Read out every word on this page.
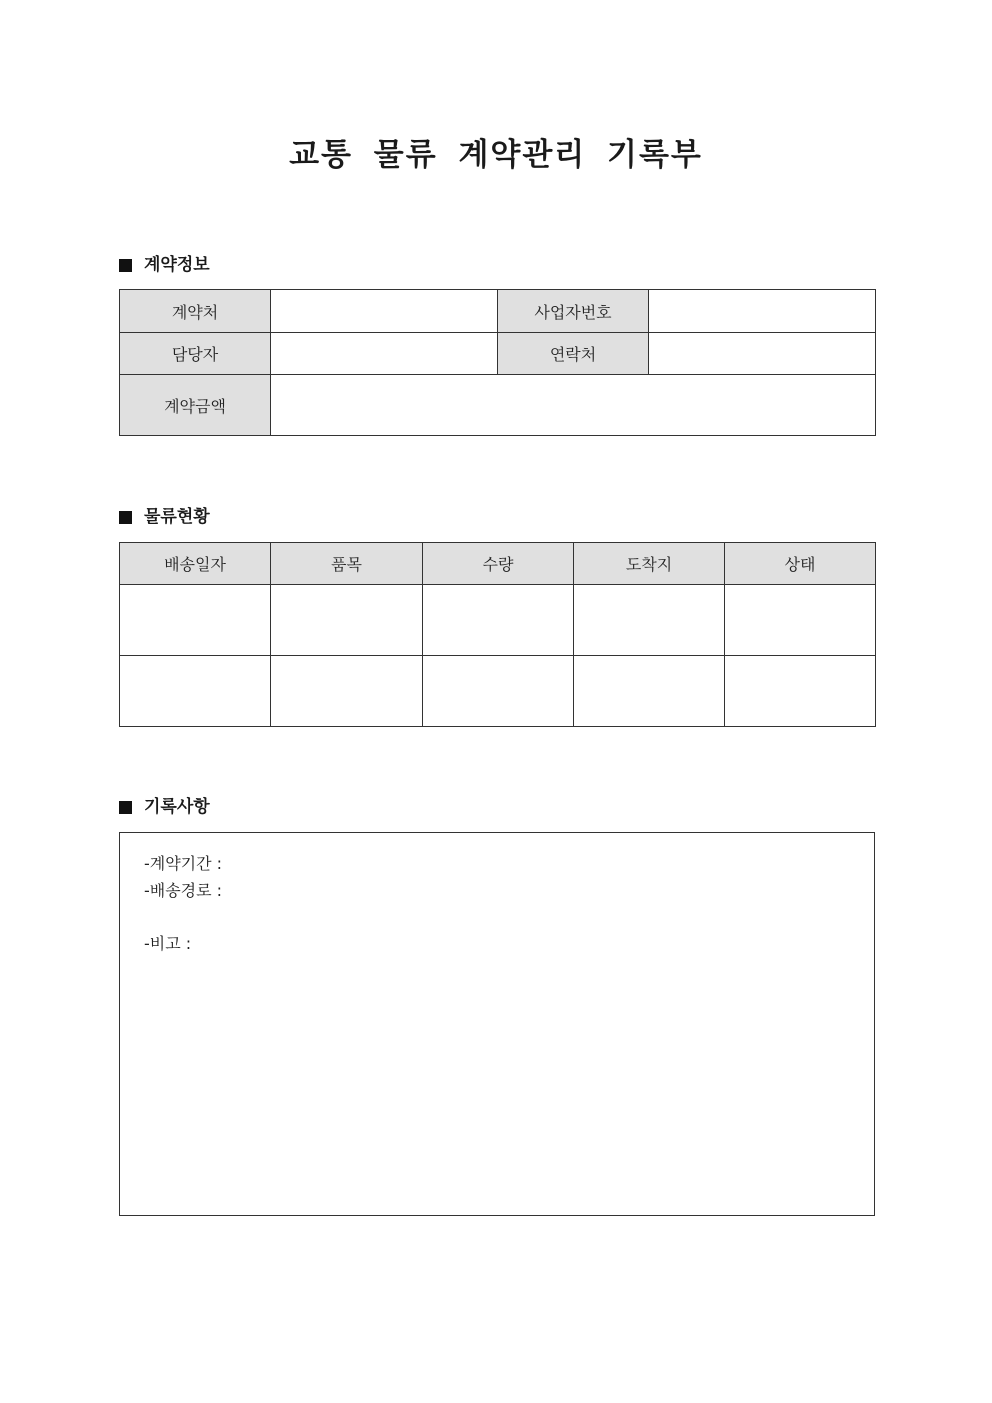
교통 물류 계약관리 기록부
계약정보
계약처		사업자번호	
담당자		연락처	
계약금액			
물류현황
배송일자	품목	수량	도착지	상태

기록사항
-계약기간 :
-배송경로 :
-비고 :
